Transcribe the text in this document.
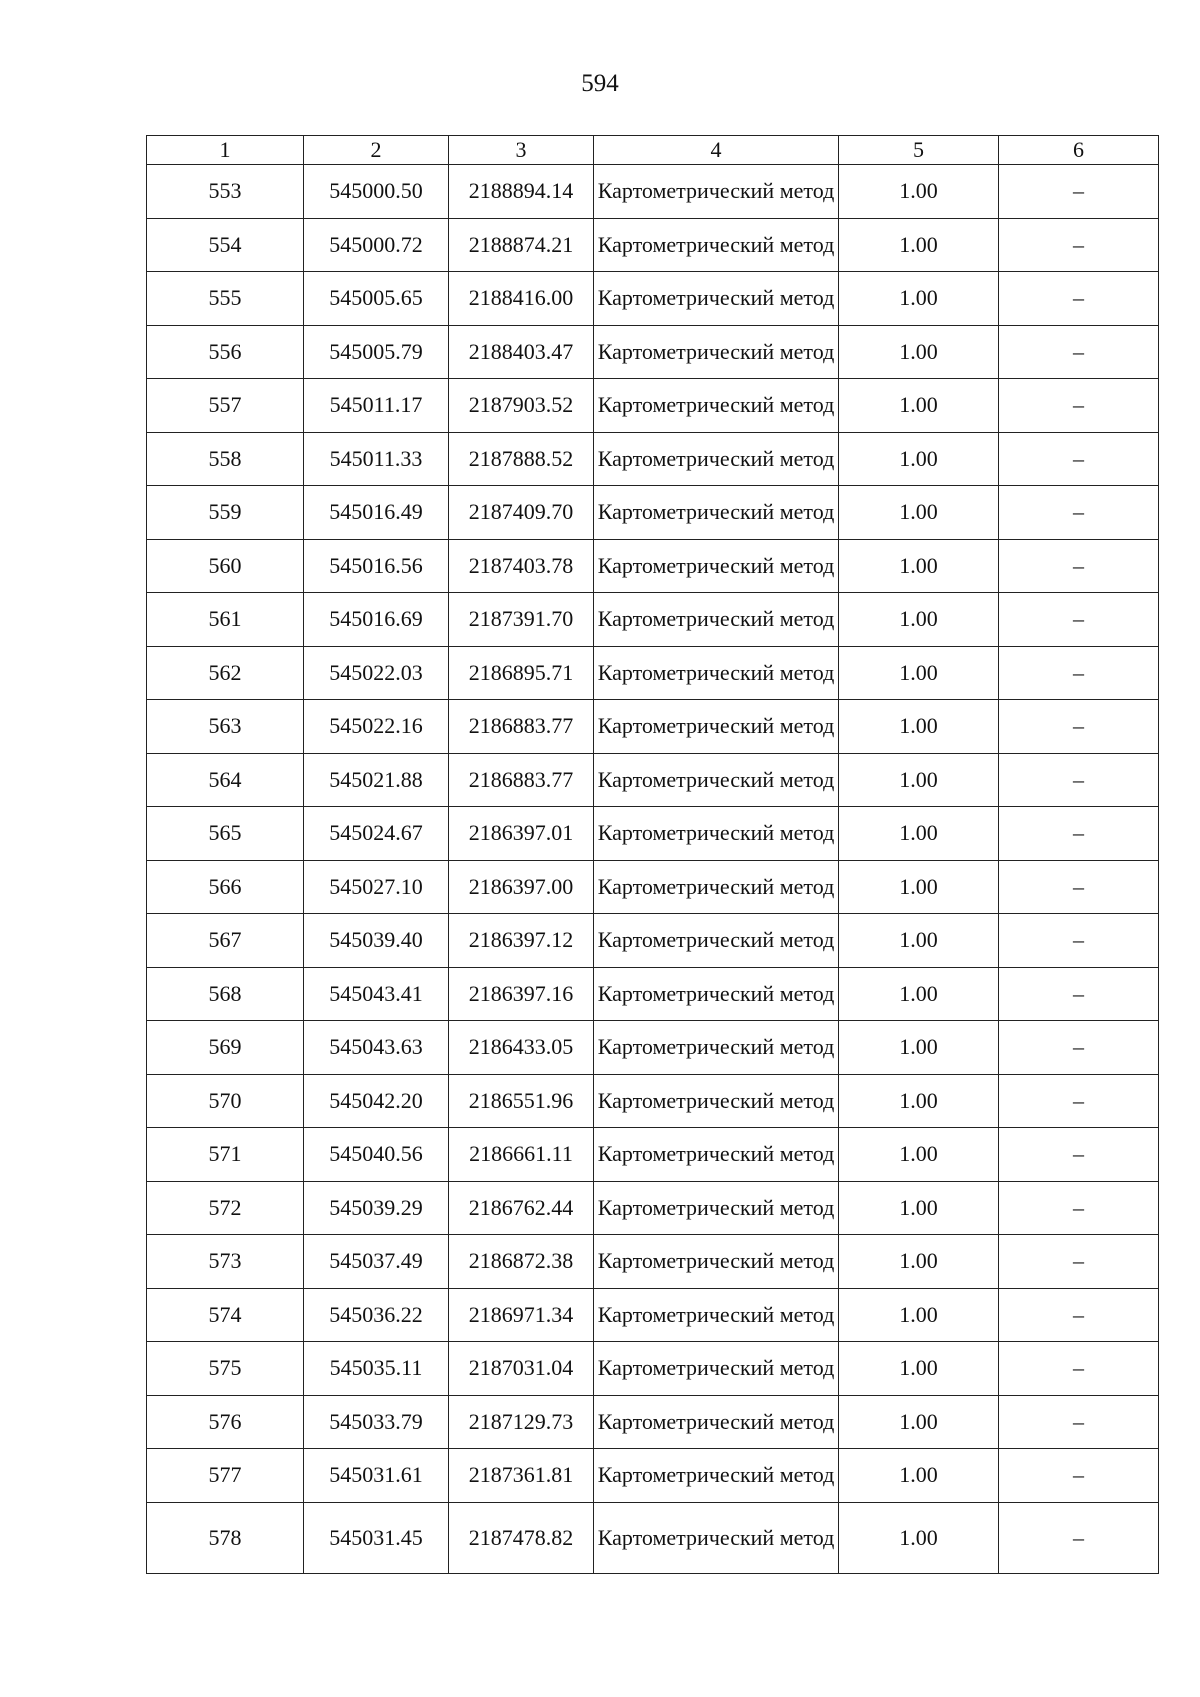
594
1	2	3	4	5	6
553	545000.50	2188894.14	Картометрический метод	1.00	–
554	545000.72	2188874.21	Картометрический метод	1.00	–
555	545005.65	2188416.00	Картометрический метод	1.00	–
556	545005.79	2188403.47	Картометрический метод	1.00	–
557	545011.17	2187903.52	Картометрический метод	1.00	–
558	545011.33	2187888.52	Картометрический метод	1.00	–
559	545016.49	2187409.70	Картометрический метод	1.00	–
560	545016.56	2187403.78	Картометрический метод	1.00	–
561	545016.69	2187391.70	Картометрический метод	1.00	–
562	545022.03	2186895.71	Картометрический метод	1.00	–
563	545022.16	2186883.77	Картометрический метод	1.00	–
564	545021.88	2186883.77	Картометрический метод	1.00	–
565	545024.67	2186397.01	Картометрический метод	1.00	–
566	545027.10	2186397.00	Картометрический метод	1.00	–
567	545039.40	2186397.12	Картометрический метод	1.00	–
568	545043.41	2186397.16	Картометрический метод	1.00	–
569	545043.63	2186433.05	Картометрический метод	1.00	–
570	545042.20	2186551.96	Картометрический метод	1.00	–
571	545040.56	2186661.11	Картометрический метод	1.00	–
572	545039.29	2186762.44	Картометрический метод	1.00	–
573	545037.49	2186872.38	Картометрический метод	1.00	–
574	545036.22	2186971.34	Картометрический метод	1.00	–
575	545035.11	2187031.04	Картометрический метод	1.00	–
576	545033.79	2187129.73	Картометрический метод	1.00	–
577	545031.61	2187361.81	Картометрический метод	1.00	–
578	545031.45	2187478.82	Картометрический метод	1.00	–
